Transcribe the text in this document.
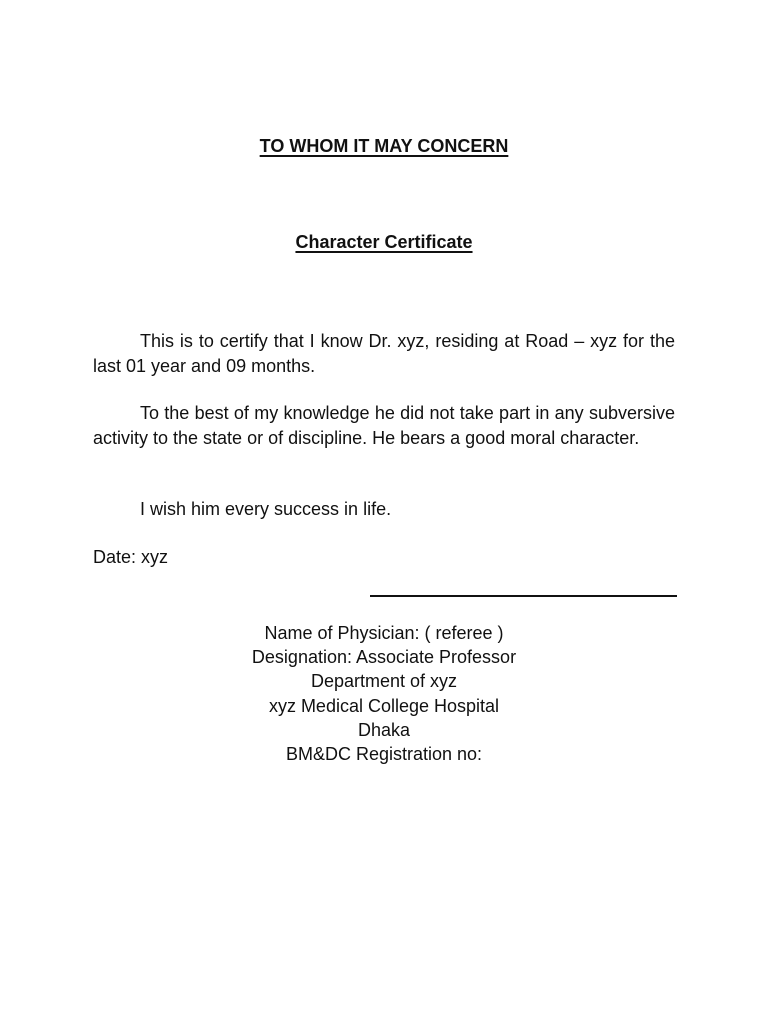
TO WHOM IT MAY CONCERN
Character Certificate

This is to certify that I know Dr. xyz, residing at Road – xyz for the last 01 year and 09 months.

To the best of my knowledge he did not take part in any subversive activity to the state or of discipline. He bears a good moral character.

I wish him every success in life.

Date: xyz

Name of Physician: ( referee )
Designation: Associate Professor
Department of xyz
xyz Medical College Hospital
Dhaka
BM&DC Registration no:
